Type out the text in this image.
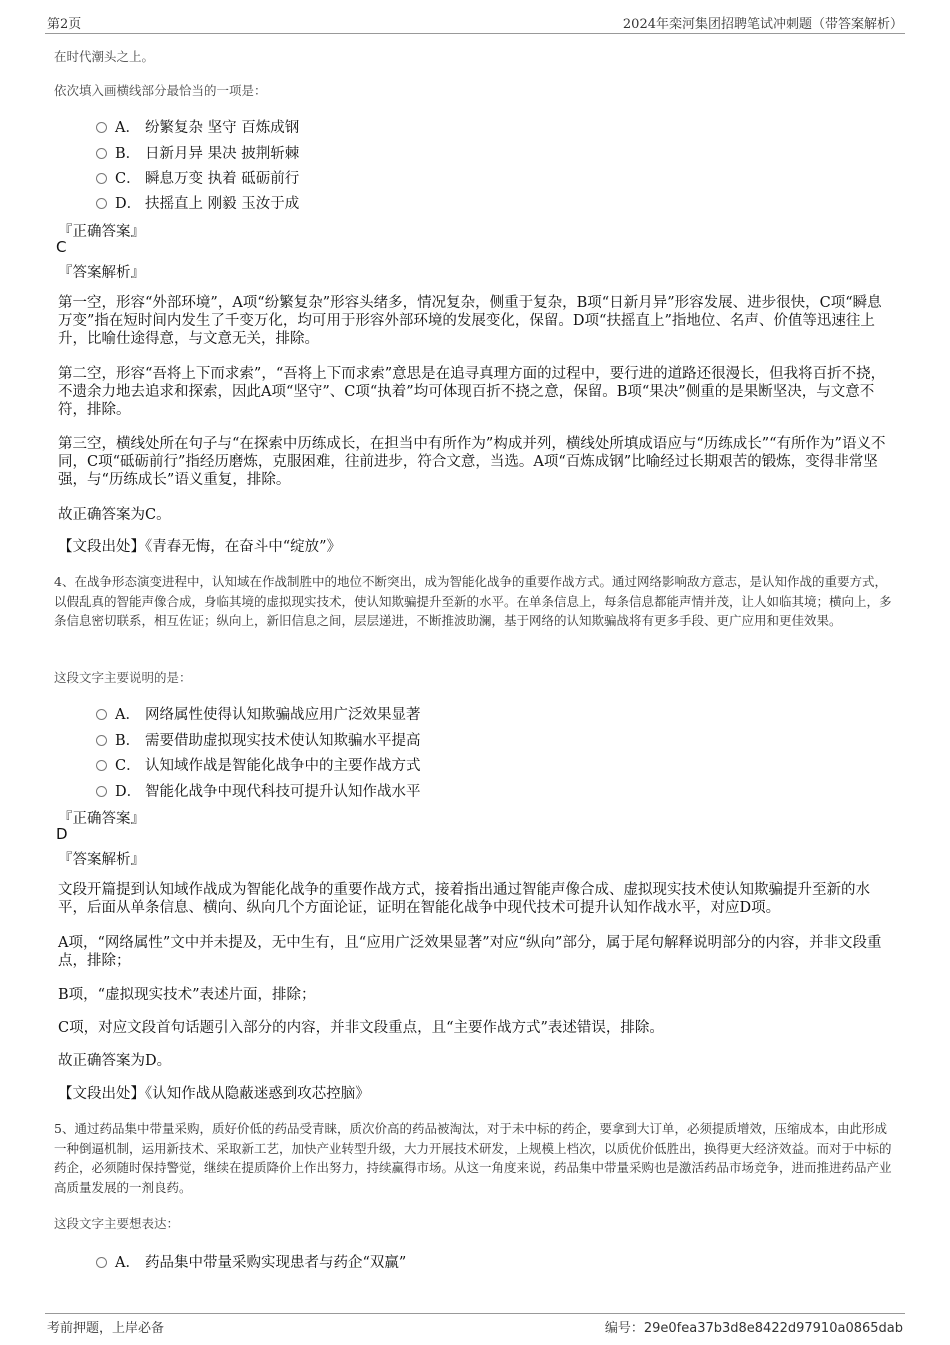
第2页	2024年栾河集团招聘笔试冲刺题（带答案解析）
在时代潮头之上。
依次填入画横线部分最恰当的一项是：
A． 纷繁复杂 坚守 百炼成钢
B． 日新月异 果决 披荆斩棘
C． 瞬息万变 执着 砥砺前行
D． 扶摇直上 刚毅 玉汝于成
『正确答案』
C
『答案解析』
第一空，形容“外部环境”，A项“纷繁复杂”形容头绪多，情况复杂，侧重于复杂，B项“日新月异”形容发展、进步很快，C项“瞬息万变”指在短时间内发生了千变万化，均可用于形容外部环境的发展变化，保留。D项“扶摇直上”指地位、名声、价值等迅速往上升，比喻仕途得意，与文意无关，排除。
第二空，形容“吾将上下而求索”，“吾将上下而求索”意思是在追寻真理方面的过程中，要行进的道路还很漫长，但我将百折不挠，不遗余力地去追求和探索，因此A项“坚守”、C项“执着”均可体现百折不挠之意，保留。B项“果决”侧重的是果断坚决，与文意不符，排除。
第三空，横线处所在句子与“在探索中历练成长，在担当中有所作为”构成并列，横线处所填成语应与“历练成长”“有所作为”语义不同，C项“砥砺前行”指经历磨炼，克服困难，往前进步，符合文意，当选。A项“百炼成钢”比喻经过长期艰苦的锻炼，变得非常坚强，与“历练成长”语义重复，排除。
故正确答案为C。
【文段出处】《青春无悔，在奋斗中“绽放”》
4、在战争形态演变进程中，认知域在作战制胜中的地位不断突出，成为智能化战争的重要作战方式。通过网络影响敌方意志，是认知作战的重要方式，以假乱真的智能声像合成，身临其境的虚拟现实技术，使认知欺骗提升至新的水平。在单条信息上，每条信息都能声情并茂，让人如临其境；横向上，多条信息密切联系，相互佐证；纵向上，新旧信息之间，层层递进，不断推波助澜，基于网络的认知欺骗战将有更多手段、更广应用和更佳效果。
这段文字主要说明的是：
A． 网络属性使得认知欺骗战应用广泛效果显著
B． 需要借助虚拟现实技术使认知欺骗水平提高
C． 认知域作战是智能化战争中的主要作战方式
D． 智能化战争中现代科技可提升认知作战水平
『正确答案』
D
『答案解析』
文段开篇提到认知域作战成为智能化战争的重要作战方式，接着指出通过智能声像合成、虚拟现实技术使认知欺骗提升至新的水平，后面从单条信息、横向、纵向几个方面论证，证明在智能化战争中现代技术可提升认知作战水平，对应D项。
A项，“网络属性”文中并未提及，无中生有，且“应用广泛效果显著”对应“纵向”部分，属于尾句解释说明部分的内容，并非文段重点，排除；
B项，“虚拟现实技术”表述片面，排除；
C项，对应文段首句话题引入部分的内容，并非文段重点，且“主要作战方式”表述错误，排除。
故正确答案为D。
【文段出处】《认知作战从隐蔽迷惑到攻芯控脑》
5、通过药品集中带量采购，质好价低的药品受青睐，质次价高的药品被淘汰，对于未中标的药企，要拿到大订单，必须提质增效，压缩成本，由此形成一种倒逼机制，运用新技术、采取新工艺，加快产业转型升级，大力开展技术研发，上规模上档次，以质优价低胜出，换得更大经济效益。而对于中标的药企，必须随时保持警觉，继续在提质降价上作出努力，持续赢得市场。从这一角度来说，药品集中带量采购也是激活药品市场竞争，进而推进药品产业高质量发展的一剂良药。
这段文字主要想表达：
A． 药品集中带量采购实现患者与药企“双赢”
考前押题，上岸必备	编号：29e0fea37b3d8e8422d97910a0865dab
